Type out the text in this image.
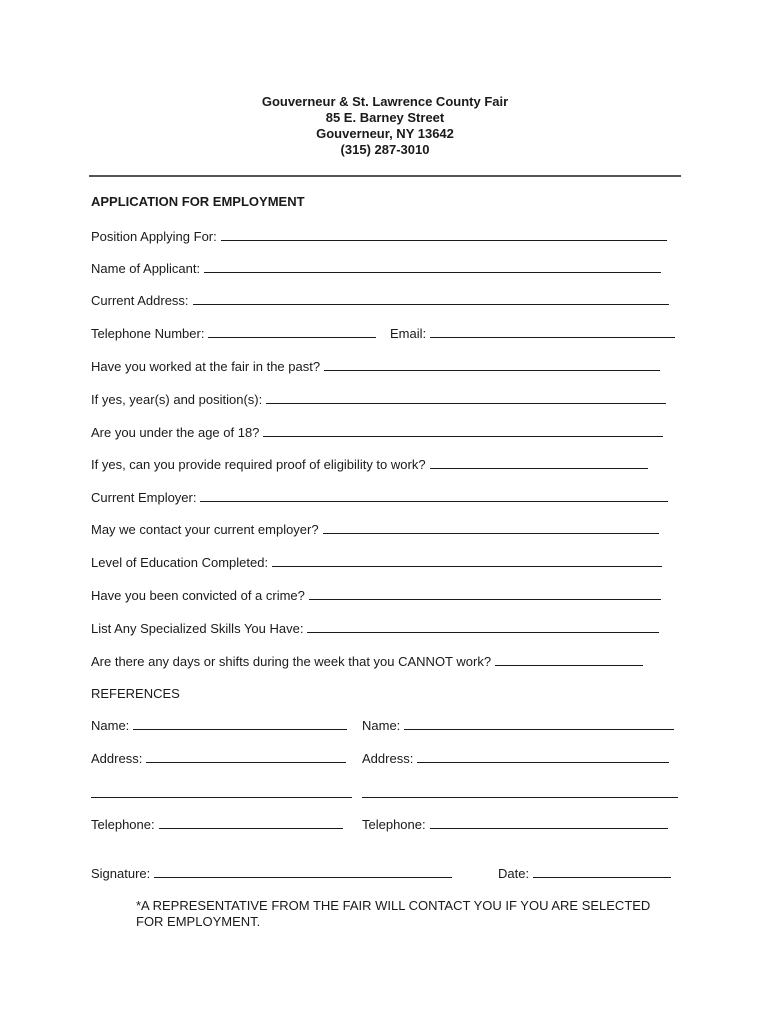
Gouverneur & St. Lawrence County Fair
85 E. Barney Street
Gouverneur, NY 13642
(315) 287-3010
APPLICATION FOR EMPLOYMENT
Position Applying For:
Name of Applicant:
Current Address:
Telephone Number:	Email:
Have you worked at the fair in the past?
If yes, year(s) and position(s):
Are you under the age of 18?
If yes, can you provide required proof of eligibility to work?
Current Employer:
May we contact your current employer?
Level of Education Completed:
Have you been convicted of a crime?
List Any Specialized Skills You Have:
Are there any days or shifts during the week that you CANNOT work?
REFERENCES
Name:	Name:
Address:	Address:
Telephone:	Telephone:
Signature:	Date:
*A REPRESENTATIVE FROM THE FAIR WILL CONTACT YOU IF YOU ARE SELECTED FOR EMPLOYMENT.
